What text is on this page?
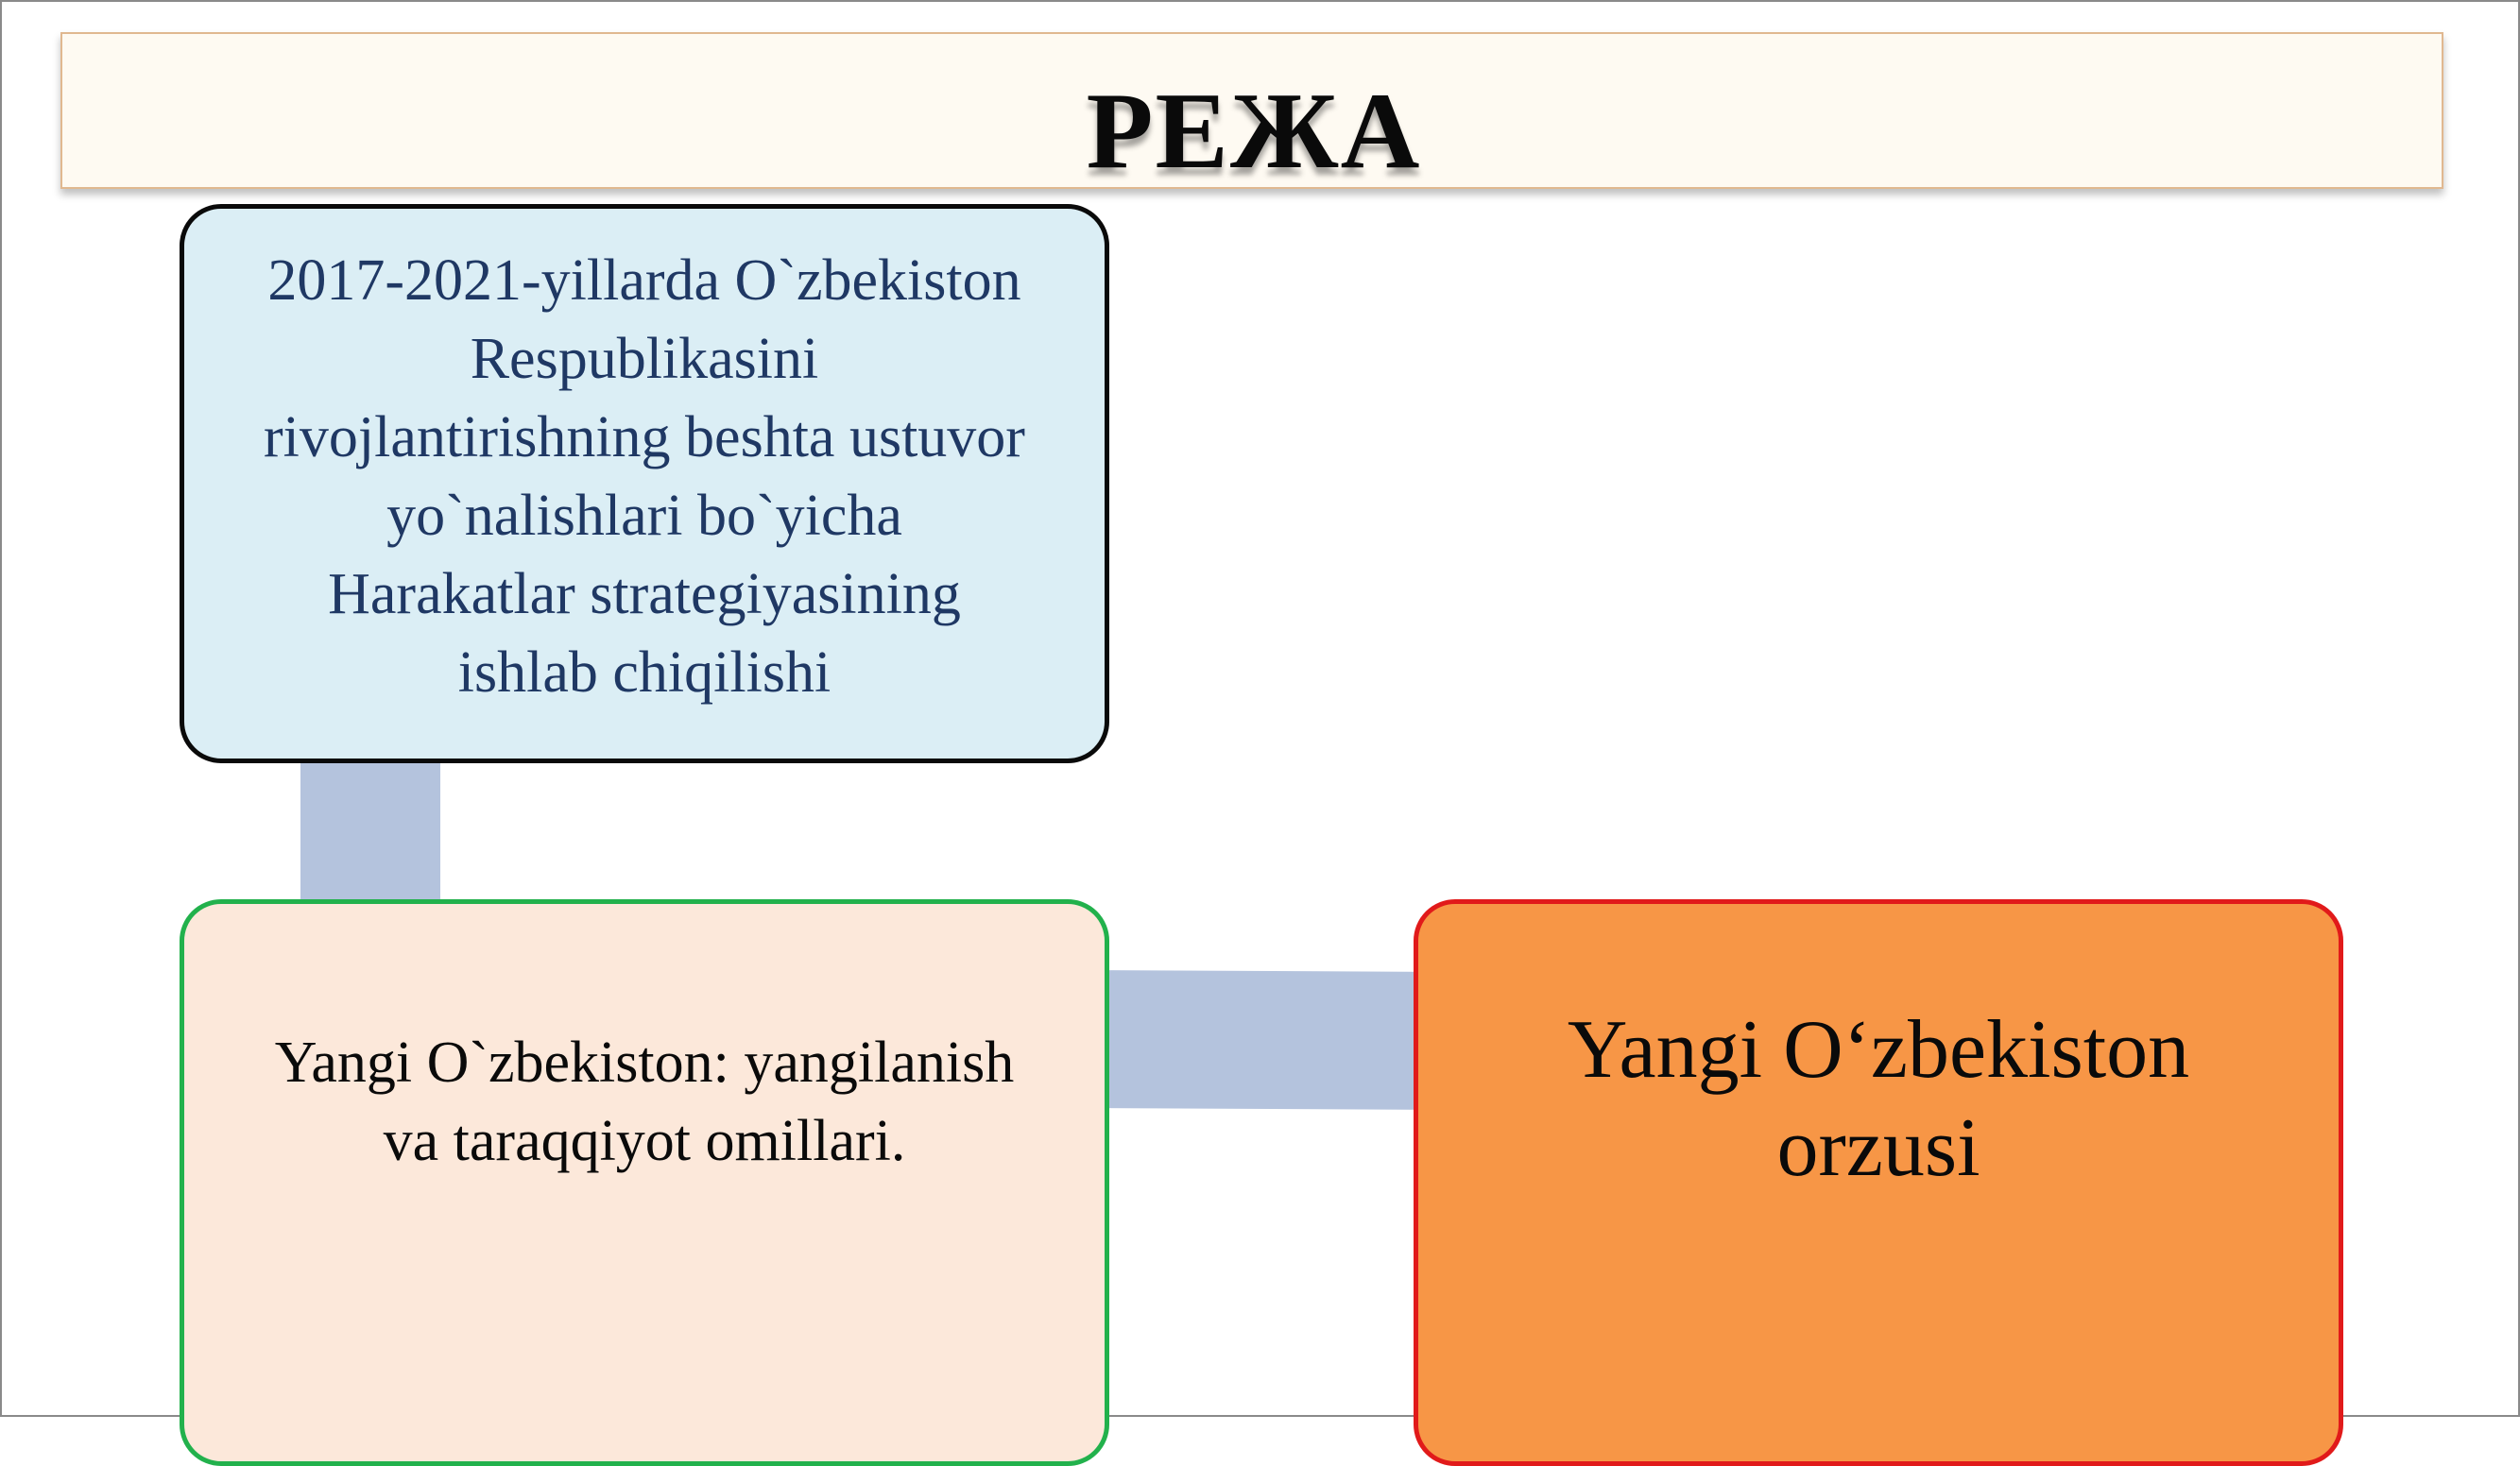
РЕЖА
2017-2021-yillarda O`zbekiston
Respublikasini
rivojlantirishning beshta ustuvor
yo`nalishlari bo`yicha
Harakatlar strategiyasining
ishlab chiqilishi
Yangi O`zbekiston: yangilanish
va taraqqiyot omillari.
Yangi O‘zbekiston
orzusi
